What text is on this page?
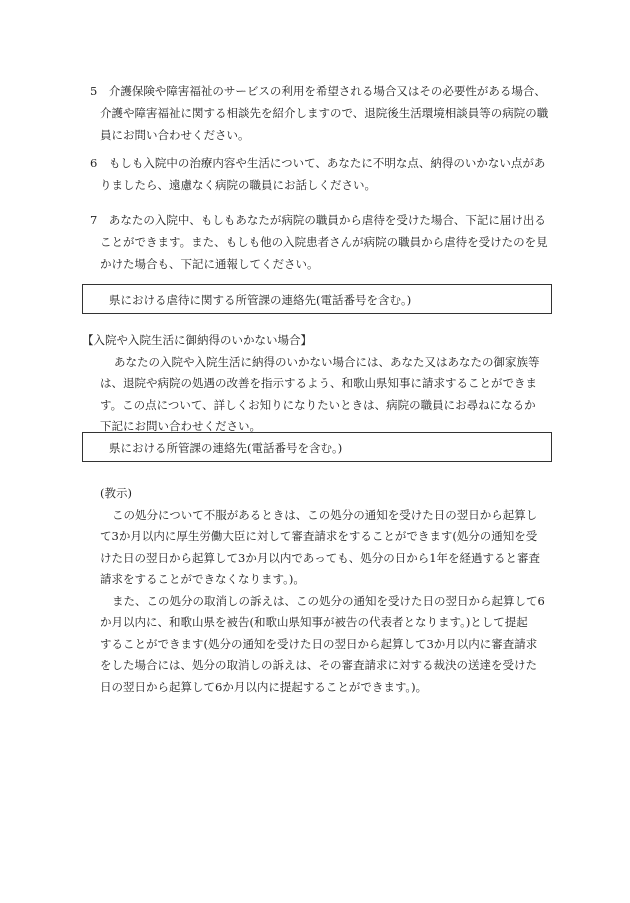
5　 介護保険や障害福祉のサービスの利用を希望される場合又はその必要性がある場合、
介護や障害福祉に関する相談先を紹介しますので、退院後生活環境相談員等の病院の職
員にお問い合わせください。
6　 もしも入院中の治療内容や生活について、あなたに不明な点、納得のいかない点があ
りましたら、遠慮なく病院の職員にお話しください。
7　 あなたの入院中、もしもあなたが病院の職員から虐待を受けた場合、下記に届け出る
ことができます。また、もしも他の入院患者さんが病院の職員から虐待を受けたのを見
かけた場合も、下記に通報してください。
県における虐待に関する所管課の連絡先(電話番号を含む。)
【入院や入院生活に御納得のいかない場合】
あなたの入院や入院生活に納得のいかない場合には、あなた又はあなたの御家族等
は、退院や病院の処遇の改善を指示するよう、和歌山県知事に請求することができま
す。この点について、詳しくお知りになりたいときは、病院の職員にお尋ねになるか
下記にお問い合わせください。
県における所管課の連絡先(電話番号を含む。)
(教示)
この処分について不服があるときは、この処分の通知を受けた日の翌日から起算し
て3か月以内に厚生労働大臣に対して審査請求をすることができます(処分の通知を受
けた日の翌日から起算して3か月以内であっても、処分の日から1年を経過すると審査
請求をすることができなくなります。)。
また、この処分の取消しの訴えは、この処分の通知を受けた日の翌日から起算して6
か月以内に、和歌山県を被告(和歌山県知事が被告の代表者となります。)として提起
することができます(処分の通知を受けた日の翌日から起算して3か月以内に審査請求
をした場合には、処分の取消しの訴えは、その審査請求に対する裁決の送達を受けた
日の翌日から起算して6か月以内に提起することができます。)。
